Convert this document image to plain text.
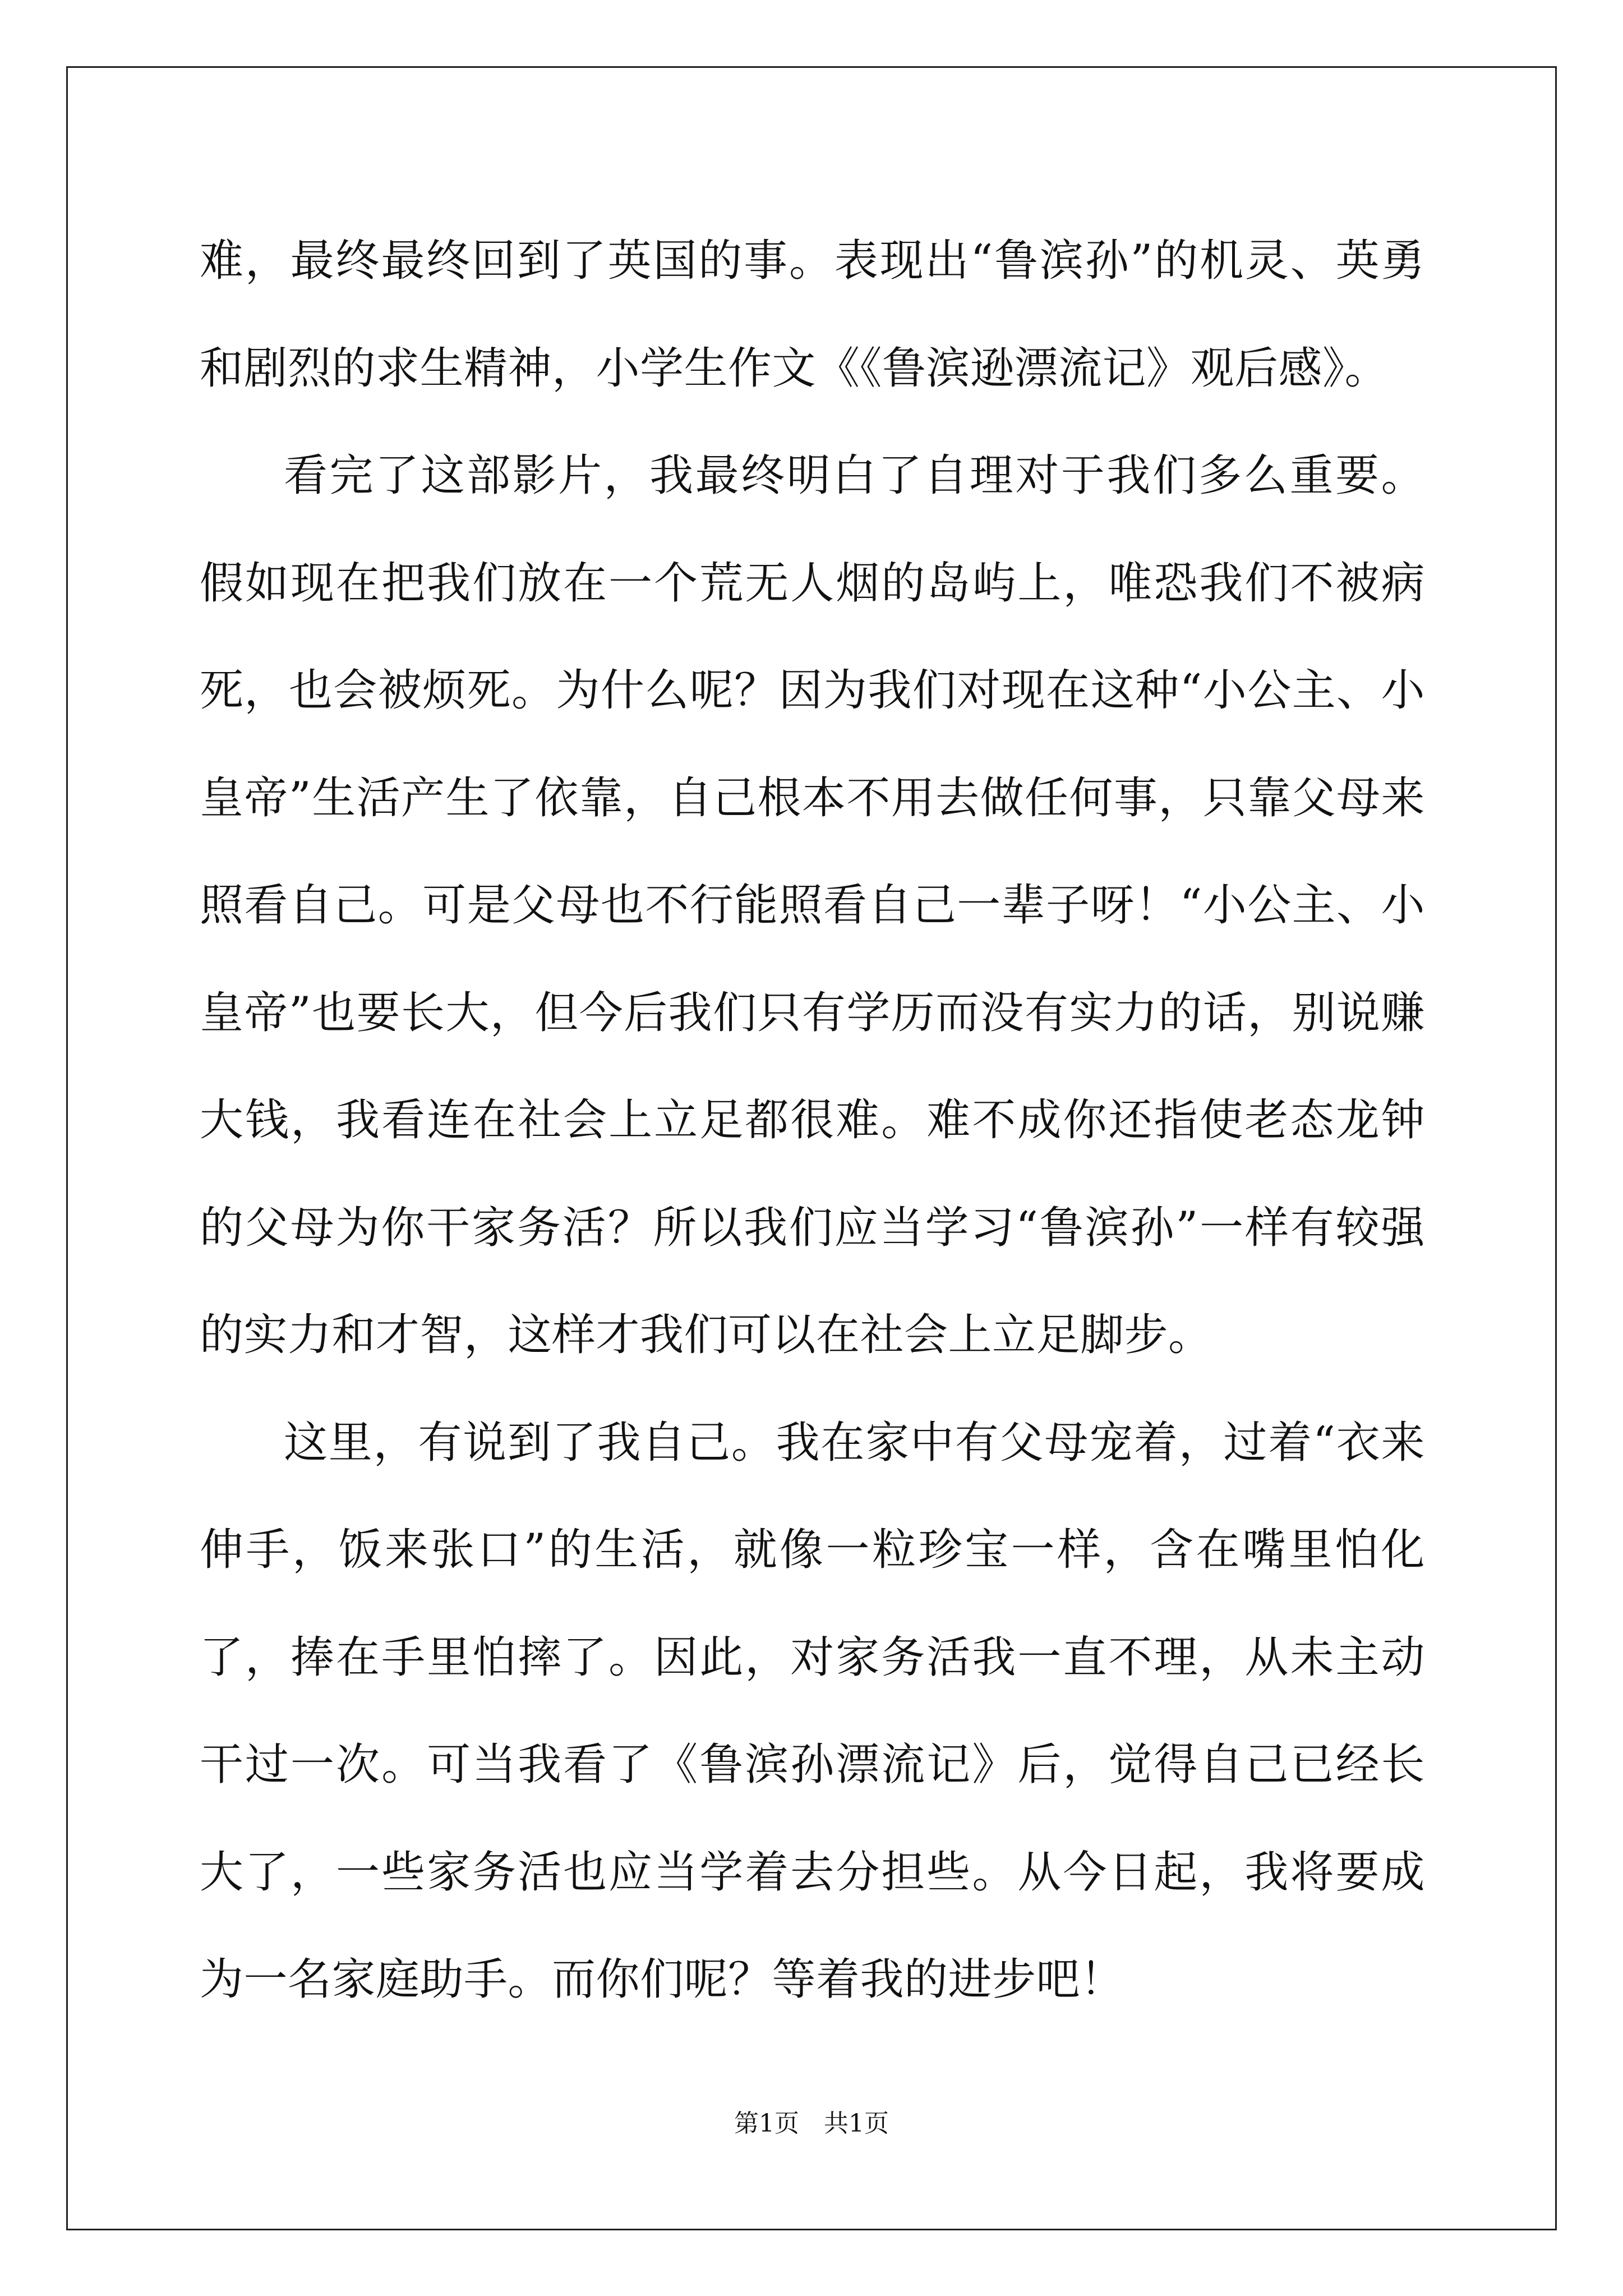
难，最终最终回到了英国的事。表现出“鲁滨孙”的机灵、英勇和剧烈的求生精神，小学生作文《《鲁滨逊漂流记》观后感》。

看完了这部影片，我最终明白了自理对于我们多么重要。假如现在把我们放在一个荒无人烟的岛屿上，唯恐我们不被病死，也会被烦死。为什么呢？因为我们对现在这种“小公主、小皇帝”生活产生了依靠，自己根本不用去做任何事，只靠父母来照看自己。可是父母也不行能照看自己一辈子呀！“小公主、小皇帝”也要长大，但今后我们只有学历而没有实力的话，别说赚大钱，我看连在社会上立足都很难。难不成你还指使老态龙钟的父母为你干家务活？所以我们应当学习“鲁滨孙”一样有较强的实力和才智，这样才我们可以在社会上立足脚步。

这里，有说到了我自己。我在家中有父母宠着，过着“衣来伸手，饭来张口”的生活，就像一粒珍宝一样，含在嘴里怕化了，捧在手里怕摔了。因此，对家务活我一直不理，从未主动干过一次。可当我看了《鲁滨孙漂流记》后，觉得自己已经长大了，一些家务活也应当学着去分担些。从今日起，我将要成为一名家庭助手。而你们呢？等着我的进步吧！

第1页　共1页
